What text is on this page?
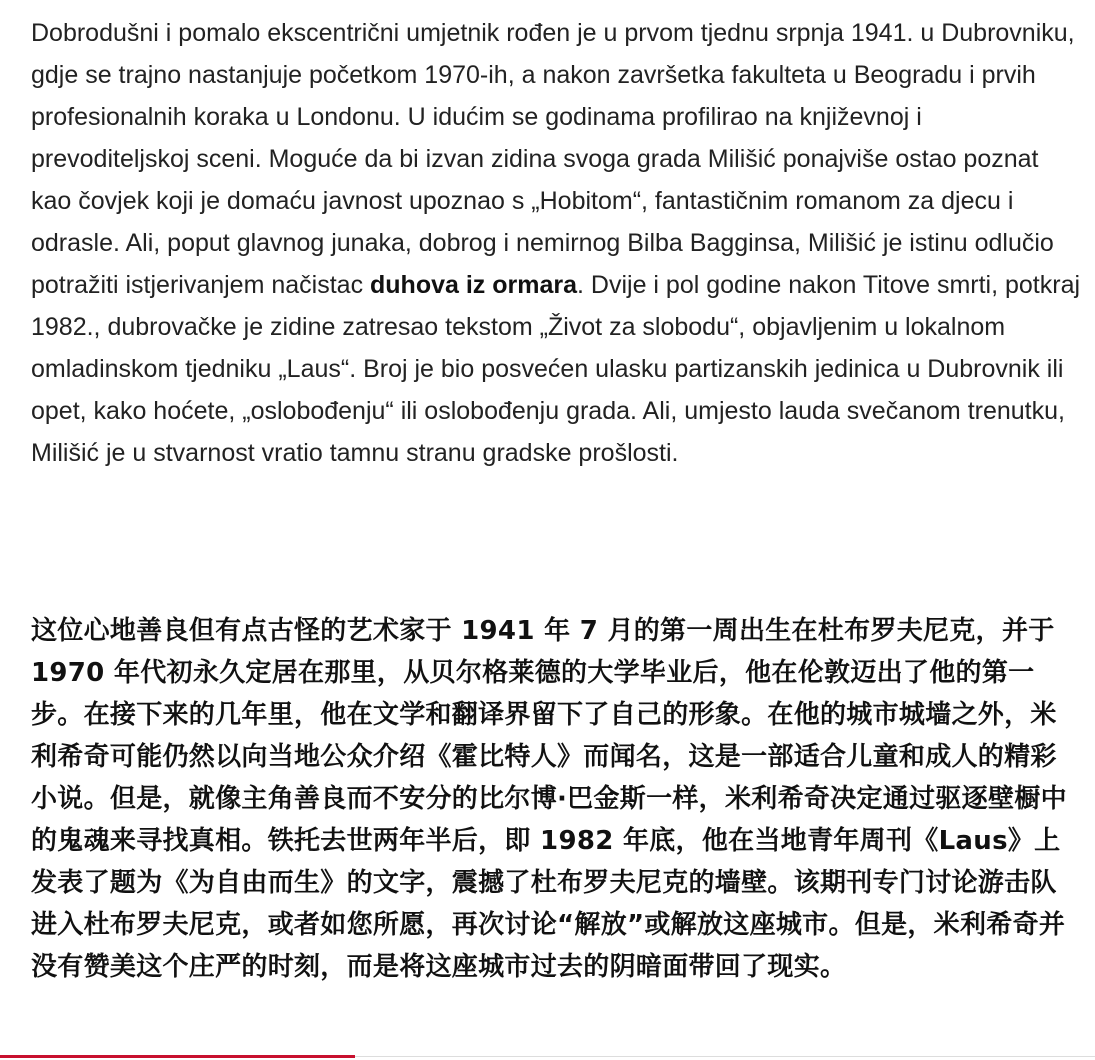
Dobrodušni i pomalo ekscentrični umjetnik rođen je u prvom tjednu srpnja 1941. u Dubrovniku, gdje se trajno nastanjuje početkom 1970-ih, a nakon završetka fakulteta u Beogradu i prvih profesionalnih koraka u Londonu. U idućim se godinama profilirao na književnoj i prevoditeljskoj sceni. Moguće da bi izvan zidina svoga grada Milišić ponajviše ostao poznat kao čovjek koji je domaću javnost upoznao s „Hobitom“, fantastičnim romanom za djecu i odrasle. Ali, poput glavnog junaka, dobrog i nemirnog Bilba Bagginsa, Milišić je istinu odlučio potražiti istjerivanjem načistac duhova iz ormara. Dvije i pol godine nakon Titove smrti, potkraj 1982., dubrovačke je zidine zatresao tekstom „Život za slobodu“, objavljenim u lokalnom omladinskom tjedniku „Laus“. Broj je bio posvećen ulasku partizanskih jedinica u Dubrovnik ili opet, kako hoćete, „oslobođenju“ ili oslobođenju grada. Ali, umjesto lauda svečanom trenutku, Milišić je u stvarnost vratio tamnu stranu gradske prošlosti.

这位心地善良但有点古怪的艺术家于 1941 年 7 月的第一周出生在杜布罗夫尼克，并于 1970 年代初永久定居在那里，从贝尔格莱德的大学毕业后，他在伦敦迈出了他的第一步。在接下来的几年里，他在文学和翻译界留下了自己的形象。在他的城市城墙之外，米利希奇可能仍然以向当地公众介绍《霍比特人》而闻名，这是一部适合儿童和成人的精彩小说。但是，就像主角善良而不安分的比尔博·巴金斯一样，米利希奇决定通过驱逐壁橱中的鬼魂来寻找真相。铁托去世两年半后，即 1982 年底，他在当地青年周刊《Laus》上发表了题为《为自由而生》的文字，震撼了杜布罗夫尼克的墙壁。该期刊专门讨论游击队进入杜布罗夫尼克，或者如您所愿，再次讨论“解放”或解放这座城市。但是，米利希奇并没有赞美这个庄严的时刻，而是将这座城市过去的阴暗面带回了现实。
